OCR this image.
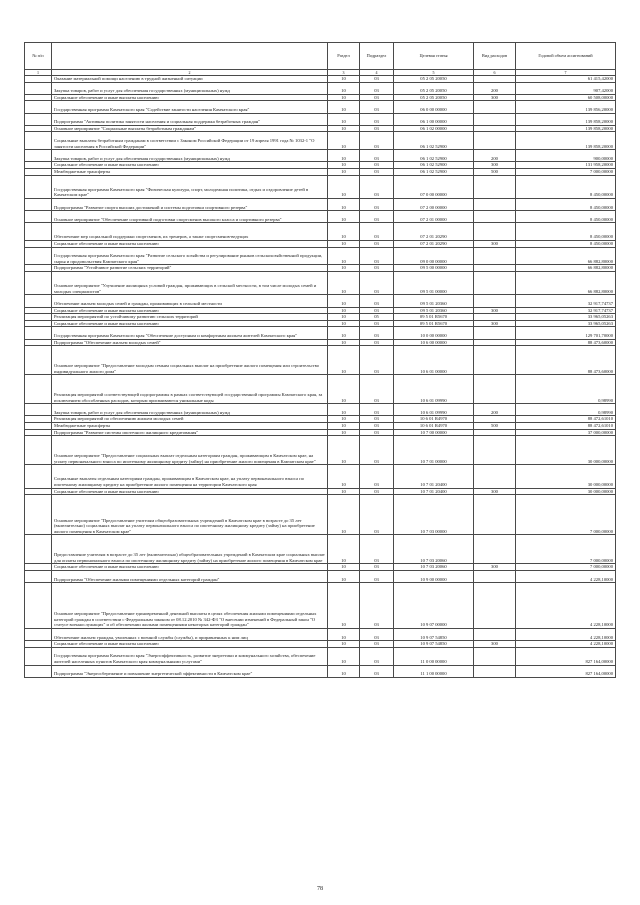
№ п/п		Раздел	Подраздел	Целевая статья	Вид расходов	Годовой объем ассигнований
1	2	3	4	5	6	7
	Оказание материальной помощи населению в трудной жизненной ситуации	10	03	05 2 05 20050		61 415,42000
	Закупка товаров, работ и услуг для обеспечения государственных (муниципальных) нужд	10	03	05 2 05 20050	200	907,42000
	Социальное обеспечение и иные выплаты населению	10	03	05 2 05 20050	300	60 508,00000
	Государственная программа Камчатского края "Содействие занятости населения Камчатского края"	10	03	06 0 00 00000		139 856,20000
	Подпрограмма "Активная политика занятости населения и социальная поддержка безработных граждан"	10	03	06 1 00 00000		139 858,20000
	Основное мероприятие "Социальные выплаты безработным гражданам"	10	03	06 1 02 00000		139 858,20000
	Социальные выплаты безработным гражданам в соответствии с Законом Российской Федерации от 19 апреля 1991 года № 1032-1 "О занятости населения в Российской Федерации"	10	03	06 1 02 52900		139 858,20000
	Закупка товаров, работ и услуг для обеспечения государственных (муниципальных) нужд	10	03	06 1 02 52900	200	900,00000
	Социальное обеспечение и иные выплаты населению	10	03	06 1 02 52900	300	131 958,20000
	Межбюджетные трансферты	10	03	06 1 02 52900	500	7 000,00000
	Государственная программа Камчатского края "Физическая культура, спорт, молодежная политика, отдых и оздоровление детей в Камчатском крае"	10	03	07 0 00 00000		8 450,00000
	Подпрограмма "Развитие спорта высших достижений и системы подготовки спортивного резерва"	10	03	07 2 00 00000		8 450,00000
	Основное мероприятие "Обеспечение спортивной подготовки спортсменов высокого класса и спортивного резерва"	10	03	07 2 01 00000		8 450,00000
	Обеспечение мер социальной поддержки спортсменов, их тренеров, а также спортсменов-ведущих	10	03	07 2 01 20290		8 450,00000
	Социальное обеспечение и иные выплаты населению	10	03	07 2 01 20290	300	8 450,00000
	Государственная программа Камчатского края "Развитие сельского хозяйства и регулирование рынков сельскохозяйственной продукции, сырья и продовольствия Камчатского края"	10	03	09 0 00 00000		66 882,80000
	Подпрограмма "Устойчивое развитие сельских территорий"	10	03	09 5 00 00000		66 882,80000
	Основное мероприятие "Улучшение жилищных условий граждан, проживающих в сельской местности, в том числе молодых семей и молодых специалистов"	10	03	09 5 01 00000		66 882,80000
	Обеспечение жильем молодых семей и граждан, проживающих в сельской местности	10	03	09 5 01 20360		32 917,74737
	Социальное обеспечение и иные выплаты населению	10	03	09 5 01 20360	300	32 917,74737
	Реализация мероприятий по устойчивому развитию сельских территорий	10	05	09 5 01 R5670		33 965,05263
	Социальное обеспечение и иные выплаты населению	10	03	09 5 01 R5670	300	33 965,05263
	Государственная программа Камчатского края "Обеспечение доступным и комфортным жильем жителей Камчатского края"	10	03	10 0 00 00000		129 701,70000
	Подпрограмма "Обеспечение жильем молодых семей"	10	03	10 6 00 00000		88 473,60000
	Основное мероприятие "Предоставление молодым семьям социальных выплат на приобретение жилого помещения или строительство индивидуального жилого дома"	10	03	10 6 01 00000		88 473,60000
	Реализация мероприятий соответствующей подпрограммы в рамках соответствующей государственной программы Камчатского края, за исключением обособленных расходов, которым присваиваются уникальные коды	10	03	10 6 01 09990		0,98990
	Закупка товаров, работ и услуг для обеспечения государственных (муниципальных) нужд	10	03	10 6 01 09990	200	0,98990
	Реализация мероприятий по обеспечению жильем молодых семей	10	03	10 6 01 R4970		88 472,61010
	Межбюджетные трансферты	10	03	10 6 01 R4970	500	88 472,61010
	Подпрограмма "Развитие системы ипотечного жилищного кредитования"	10	03	10 7 00 00000		37 000,00000
	Основное мероприятие "Предоставление социальных выплат отдельным категориям граждан, проживающим в Камчатском крае, на уплату первоначального взноса по ипотечному жилищному кредиту (займу) на приобретение жилого помещения в Камчатском крае"	10	03	10 7 01 00000		30 000,00000
	Социальные выплаты отдельным категориям граждан, проживающим в Камчатском крае, на уплату первоначального взноса по ипотечному жилищному кредиту на приобретение жилого помещения на территории Камчатского края	10	03	10 7 01 20400		30 000,00000
	Социальное обеспечение и иные выплаты населению	10	03	10 7 01 20400	300	30 000,00000
	Основное мероприятие "Предоставление учителям общеобразовательных учреждений в Камчатском крае в возрасте до 35 лет (включительно) социальных выплат на уплату первоначального взноса по ипотечному жилищному кредиту (займу) на приобретение жилого помещения в Камчатском крае"	10	03	10 7 03 00000		7 000,00000
	Предоставление учителям в возрасте до 35 лет (включительно) общеобразовательных учреждений в Камчатском крае социальных выплат для оплаты первоначального взноса по ипотечному жилищному кредиту (займу) на приобретение жилого помещения в Камчатском крае	10	03	10 7 03 20060		7 000,00000
	Социальное обеспечение и иные выплаты населению	10	03	10 7 03 20060	300	7 000,00000
	Подпрограмма "Обеспечение жилыми помещениями отдельных категорий граждан"	10	03	10 9 00 00000		4 228,10000
	Основное мероприятие "Предоставление единовременной денежной выплаты в целях обеспечения жилыми помещениями отдельных категорий граждан в соответствии с Федеральным законом от 08.12.2010 № 342-ФЗ "О внесении изменений в Федеральный закон "О статусе военнослужащих" и об обеспечении жилыми помещениями некоторых категорий граждан"	10	03	10 9 07 00000		4 228,10000
	Обеспечение жильем граждан, уволенных с военной службы (службы), и приравненных к ним лиц	10	03	10 9 07 54850		4 228,10000
	Социальное обеспечение и иные выплаты населению	10	03	10 9 07 54850	300	4 228,10000
	Государственная программа Камчатского края "Энергоэффективность, развитие энергетики и коммунального хозяйства, обеспечение жителей населенных пунктов Камчатского края коммунальными услугами"	10	03	11 0 00 00000		827 164,00000
	Подпрограмма "Энергосбережение и повышение энергетической эффективности в Камчатском крае"	10	03	11 1 00 00000		827 164,00000
78
